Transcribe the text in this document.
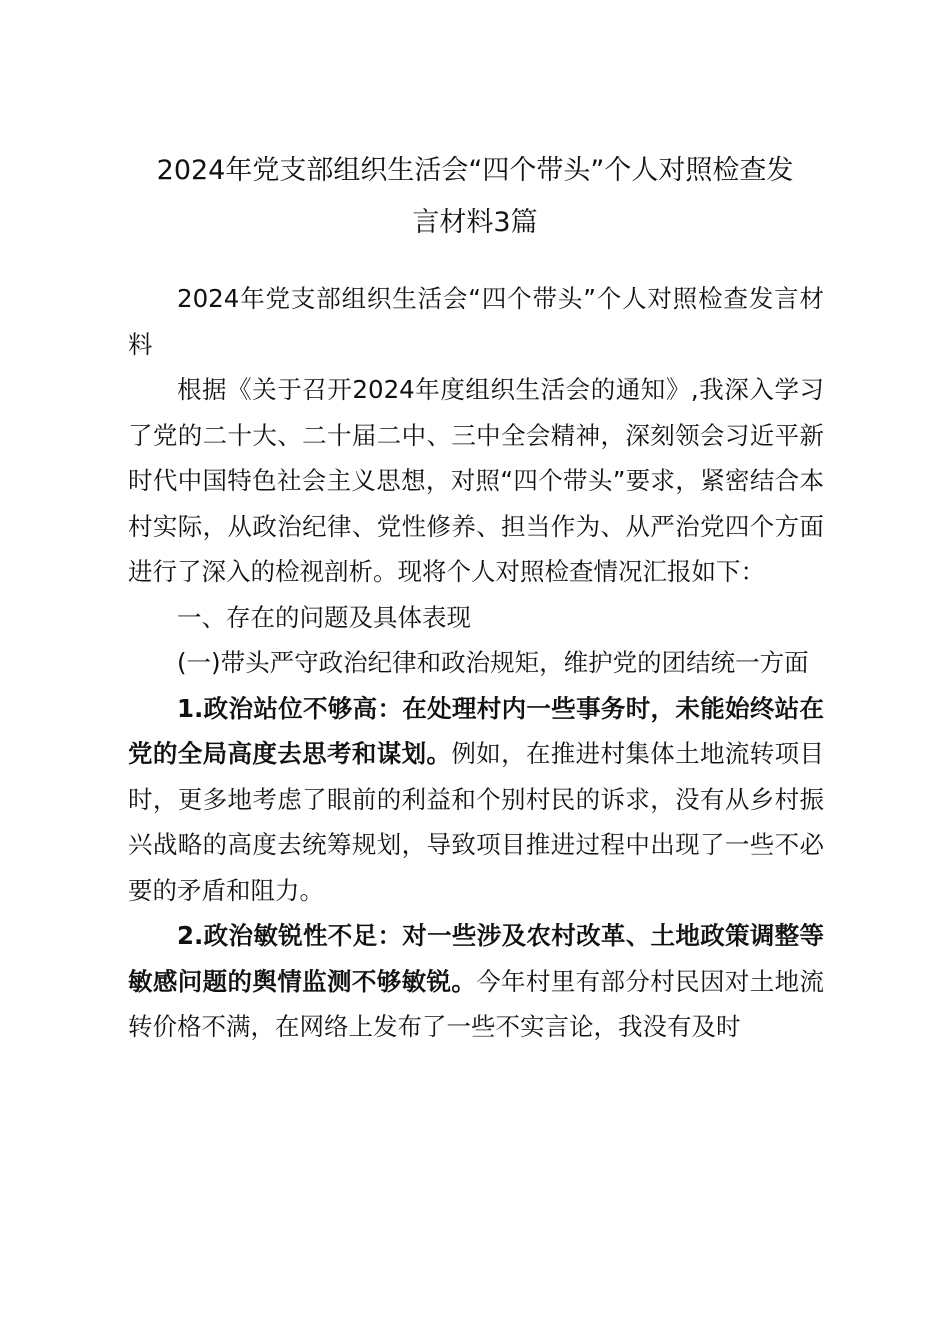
2024年党支部组织生活会“四个带头”个人对照检查发
言材料3篇

2024年党支部组织生活会“四个带头”个人对照检查发言材料

根据《关于召开2024年度组织生活会的通知》,我深入学习了党的二十大、二十届二中、三中全会精神，深刻领会习近平新时代中国特色社会主义思想，对照“四个带头”要求，紧密结合本村实际，从政治纪律、党性修养、担当作为、从严治党四个方面进行了深入的检视剖析。现将个人对照检查情况汇报如下：

一、存在的问题及具体表现

(一)带头严守政治纪律和政治规矩，维护党的团结统一方面

1.政治站位不够高：在处理村内一些事务时，未能始终站在党的全局高度去思考和谋划。例如，在推进村集体土地流转项目时，更多地考虑了眼前的利益和个别村民的诉求，没有从乡村振兴战略的高度去统筹规划，导致项目推进过程中出现了一些不必要的矛盾和阻力。

2.政治敏锐性不足：对一些涉及农村改革、土地政策调整等敏感问题的舆情监测不够敏锐。今年村里有部分村民因对土地流转价格不满，在网络上发布了一些不实言论，我没有及时
